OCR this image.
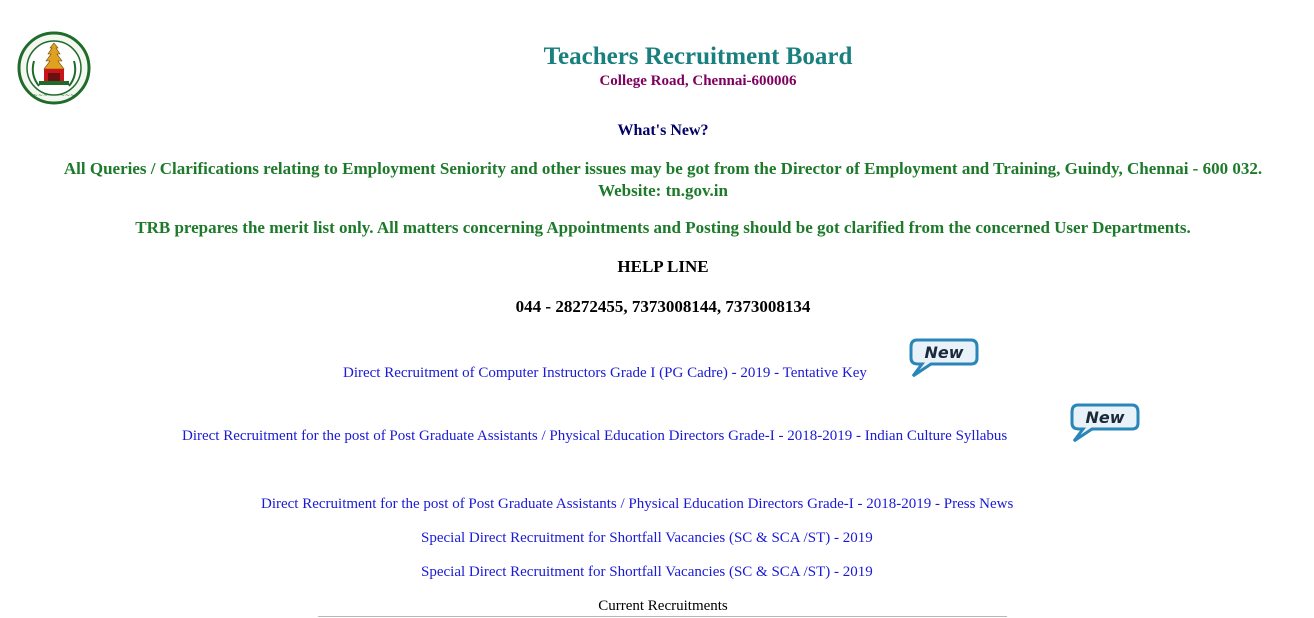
~~~~ ~~~~
Teachers Recruitment Board
College Road, Chennai-600006
What's New?
All Queries / Clarifications relating to Employment Seniority and other issues may be got from the Director of Employment and Training, Guindy, Chennai - 600 032.
Website: tn.gov.in
TRB prepares the merit list only. All matters concerning Appointments and Posting should be got clarified from the concerned User Departments.
HELP LINE
044 - 28272455, 7373008144, 7373008134
Direct Recruitment of Computer Instructors Grade I (PG Cadre) - 2019 - Tentative Key
New
Direct Recruitment for the post of Post Graduate Assistants / Physical Education Directors Grade-I - 2018-2019 - Indian Culture Syllabus
New
Direct Recruitment for the post of Post Graduate Assistants / Physical Education Directors Grade-I - 2018-2019 - Press News
Special Direct Recruitment for Shortfall Vacancies (SC & SCA /ST) - 2019
Special Direct Recruitment for Shortfall Vacancies (SC & SCA /ST) - 2019
Current Recruitments
